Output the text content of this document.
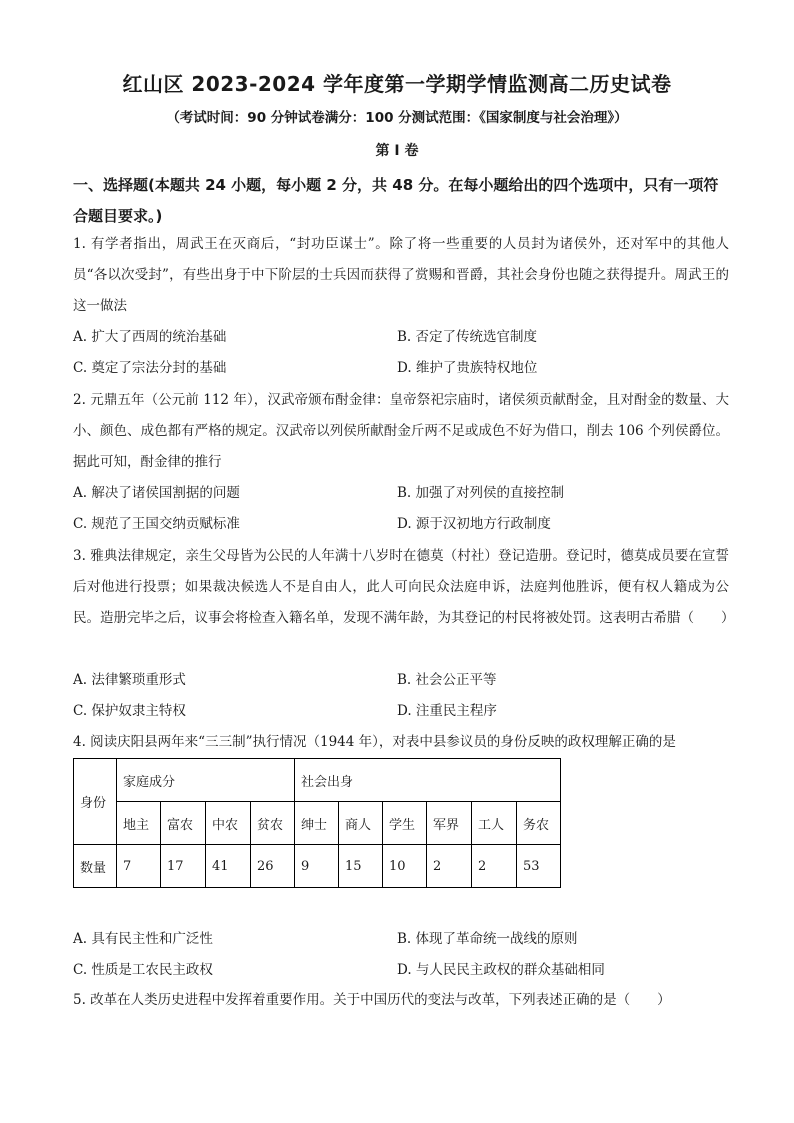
红山区 2023-2024 学年度第一学期学情监测高二历史试卷
（考试时间：90 分钟试卷满分：100 分测试范围：《国家制度与社会治理》）
第 I 卷
一、选择题(本题共 24 小题，每小题 2 分，共 48 分。在每小题给出的四个选项中，只有一项符合题目要求。)
1. 有学者指出，周武王在灭商后，“封功臣谋士”。除了将一些重要的人员封为诸侯外，还对军中的其他人员“各以次受封”，有些出身于中下阶层的士兵因而获得了赏赐和晋爵，其社会身份也随之获得提升。周武王的这一做法
A. 扩大了西周的统治基础	B. 否定了传统选官制度
C. 奠定了宗法分封的基础	D. 维护了贵族特权地位
2. 元鼎五年（公元前 112 年），汉武帝颁布酎金律：皇帝祭祀宗庙时，诸侯须贡献酎金，且对酎金的数量、大小、颜色、成色都有严格的规定。汉武帝以列侯所献酎金斤两不足或成色不好为借口，削去 106 个列侯爵位。据此可知，酎金律的推行
A. 解决了诸侯国割据的问题	B. 加强了对列侯的直接控制
C. 规范了王国交纳贡赋标准	D. 源于汉初地方行政制度
3. 雅典法律规定，亲生父母皆为公民的人年满十八岁时在德莫（村社）登记造册。登记时，德莫成员要在宣誓后对他进行投票；如果裁决候选人不是自由人，此人可向民众法庭申诉，法庭判他胜诉，便有权人籍成为公民。造册完毕之后，议事会将检查入籍名单，发现不满年龄，为其登记的村民将被处罚。这表明古希腊（　　）
A. 法律繁琐重形式	B. 社会公正平等
C. 保护奴隶主特权	D. 注重民主程序
4. 阅读庆阳县两年来“三三制”执行情况（1944 年），对表中县参议员的身份反映的政权理解正确的是
身份	家庭成分				社会出身					
	地主	富农	中农	贫农	绅士	商人	学生	军界	工人	务农
数量	7	17	41	26	9	15	10	2	2	53
A. 具有民主性和广泛性	B. 体现了革命统一战线的原则
C. 性质是工农民主政权	D. 与人民民主政权的群众基础相同
5. 改革在人类历史进程中发挥着重要作用。关于中国历代的变法与改革，下列表述正确的是（　　）
